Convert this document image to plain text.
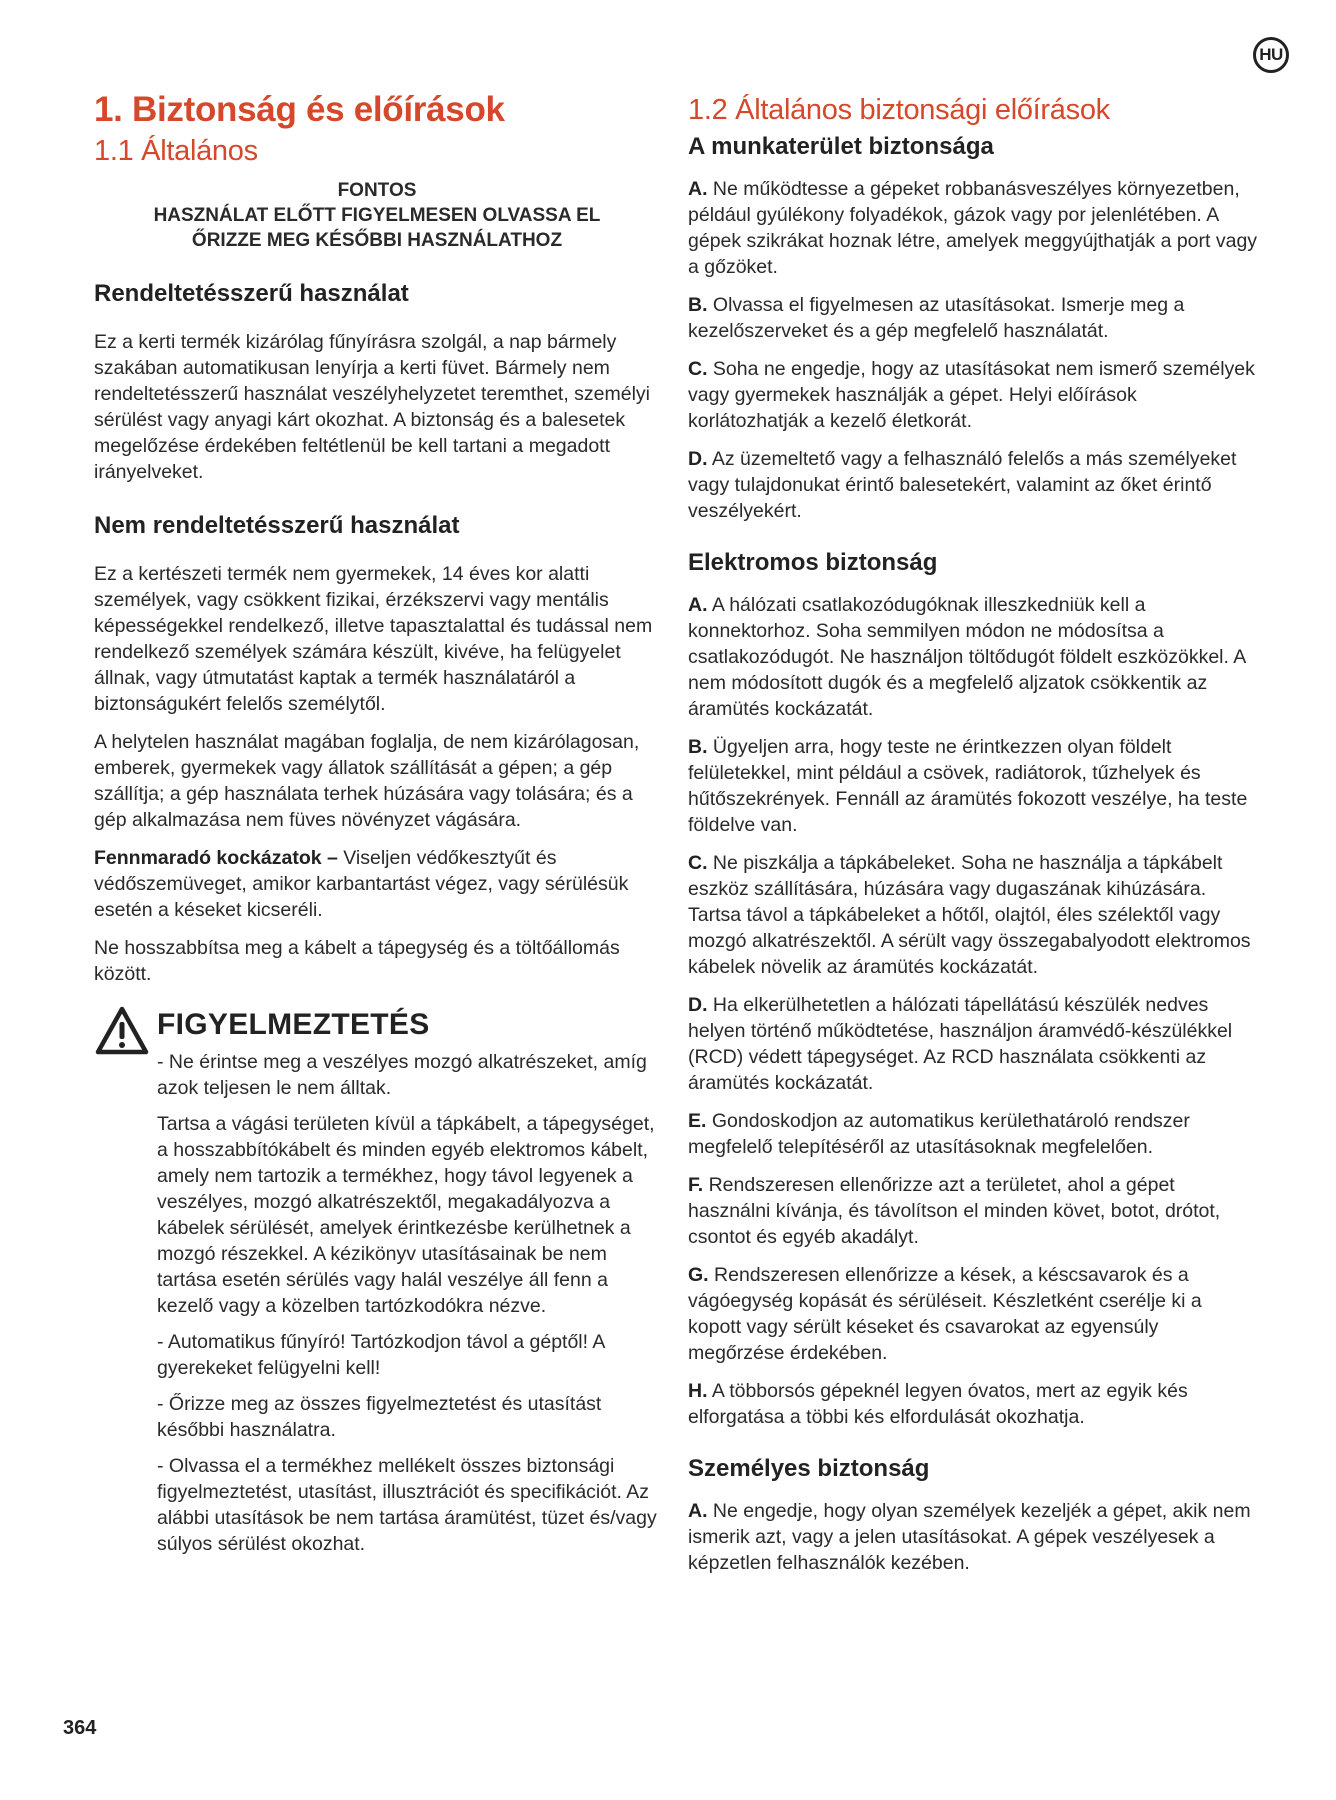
HU
1. Biztonság és előírások
1.1 Általános
FONTOS
HASZNÁLAT ELŐTT FIGYELMESEN OLVASSA EL
ŐRIZZE MEG KÉSŐBBI HASZNÁLATHOZ
Rendeltetésszerű használat

Ez a kerti termék kizárólag fűnyírásra szolgál, a nap bármely szakában automatikusan lenyírja a kerti füvet. Bármely nem rendeltetésszerű használat veszélyhelyzetet teremthet, személyi sérülést vagy anyagi kárt okozhat. A biztonság és a balesetek megelőzése érdekében feltétlenül be kell tartani a megadott irányelveket.

Nem rendeltetésszerű használat

Ez a kertészeti termék nem gyermekek, 14 éves kor alatti személyek, vagy csökkent fizikai, érzékszervi vagy mentális képességekkel rendelkező, illetve tapasztalattal és tudással nem rendelkező személyek számára készült, kivéve, ha felügyelet állnak, vagy útmutatást kaptak a termék használatáról a biztonságukért felelős személytől.

A helytelen használat magában foglalja, de nem kizárólagosan, emberek, gyermekek vagy állatok szállítását a gépen; a gép szállítja; a gép használata terhek húzására vagy tolására; és a gép alkalmazása nem füves növényzet vágására.

Fennmaradó kockázatok – Viseljen védőkesztyűt és védőszemüveget, amikor karbantartást végez, vagy sérülésük esetén a késeket kicseréli.

Ne hosszabbítsa meg a kábelt a tápegység és a töltőállomás között.

FIGYELMEZTETÉS

- Ne érintse meg a veszélyes mozgó alkatrészeket, amíg azok teljesen le nem álltak.

Tartsa a vágási területen kívül a tápkábelt, a tápegységet, a hosszabbítókábelt és minden egyéb elektromos kábelt, amely nem tartozik a termékhez, hogy távol legyenek a veszélyes, mozgó alkatrészektől, megakadályozva a kábelek sérülését, amelyek érintkezésbe kerülhetnek a mozgó részekkel. A kézikönyv utasításainak be nem tartása esetén sérülés vagy halál veszélye áll fenn a kezelő vagy a közelben tartózkodókra nézve.

- Automatikus fűnyíró! Tartózkodjon távol a géptől! A gyerekeket felügyelni kell!

- Őrizze meg az összes figyelmeztetést és utasítást későbbi használatra.

- Olvassa el a termékhez mellékelt összes biztonsági figyelmeztetést, utasítást, illusztrációt és specifikációt. Az alábbi utasítások be nem tartása áramütést, tüzet és/vagy súlyos sérülést okozhat.

1.2 Általános biztonsági előírások
A munkaterület biztonsága

A. Ne működtesse a gépeket robbanásveszélyes környezetben, például gyúlékony folyadékok, gázok vagy por jelenlétében. A gépek szikrákat hoznak létre, amelyek meggyújthatják a port vagy a gőzöket.

B. Olvassa el figyelmesen az utasításokat. Ismerje meg a kezelőszerveket és a gép megfelelő használatát.

C. Soha ne engedje, hogy az utasításokat nem ismerő személyek vagy gyermekek használják a gépet. Helyi előírások korlátozhatják a kezelő életkorát.

D. Az üzemeltető vagy a felhasználó felelős a más személyeket vagy tulajdonukat érintő balesetekért, valamint az őket érintő veszélyekért.

Elektromos biztonság

A. A hálózati csatlakozódugóknak illeszkedniük kell a konnektorhoz. Soha semmilyen módon ne módosítsa a csatlakozódugót. Ne használjon töltődugót földelt eszközökkel. A nem módosított dugók és a megfelelő aljzatok csökkentik az áramütés kockázatát.

B. Ügyeljen arra, hogy teste ne érintkezzen olyan földelt felületekkel, mint például a csövek, radiátorok, tűzhelyek és hűtőszekrények. Fennáll az áramütés fokozott veszélye, ha teste földelve van.

C. Ne piszkálja a tápkábeleket. Soha ne használja a tápkábelt eszköz szállítására, húzására vagy dugaszának kihúzására. Tartsa távol a tápkábeleket a hőtől, olajtól, éles szélektől vagy mozgó alkatrészektől. A sérült vagy összegabalyodott elektromos kábelek növelik az áramütés kockázatát.

D. Ha elkerülhetetlen a hálózati tápellátású készülék nedves helyen történő működtetése, használjon áramvédő-készülékkel (RCD) védett tápegységet. Az RCD használata csökkenti az áramütés kockázatát.

E. Gondoskodjon az automatikus kerülethatároló rendszer megfelelő telepítéséről az utasításoknak megfelelően.

F. Rendszeresen ellenőrizze azt a területet, ahol a gépet használni kívánja, és távolítson el minden követ, botot, drótot, csontot és egyéb akadályt.

G. Rendszeresen ellenőrizze a kések, a késcsavarok és a vágóegység kopását és sérüléseit. Készletként cserélje ki a kopott vagy sérült késeket és csavarokat az egyensúly megőrzése érdekében.

H. A többorsós gépeknél legyen óvatos, mert az egyik kés elforgatása a többi kés elfordulását okozhatja.

Személyes biztonság

A. Ne engedje, hogy olyan személyek kezeljék a gépet, akik nem ismerik azt, vagy a jelen utasításokat. A gépek veszélyesek a képzetlen felhasználók kezében.

364
